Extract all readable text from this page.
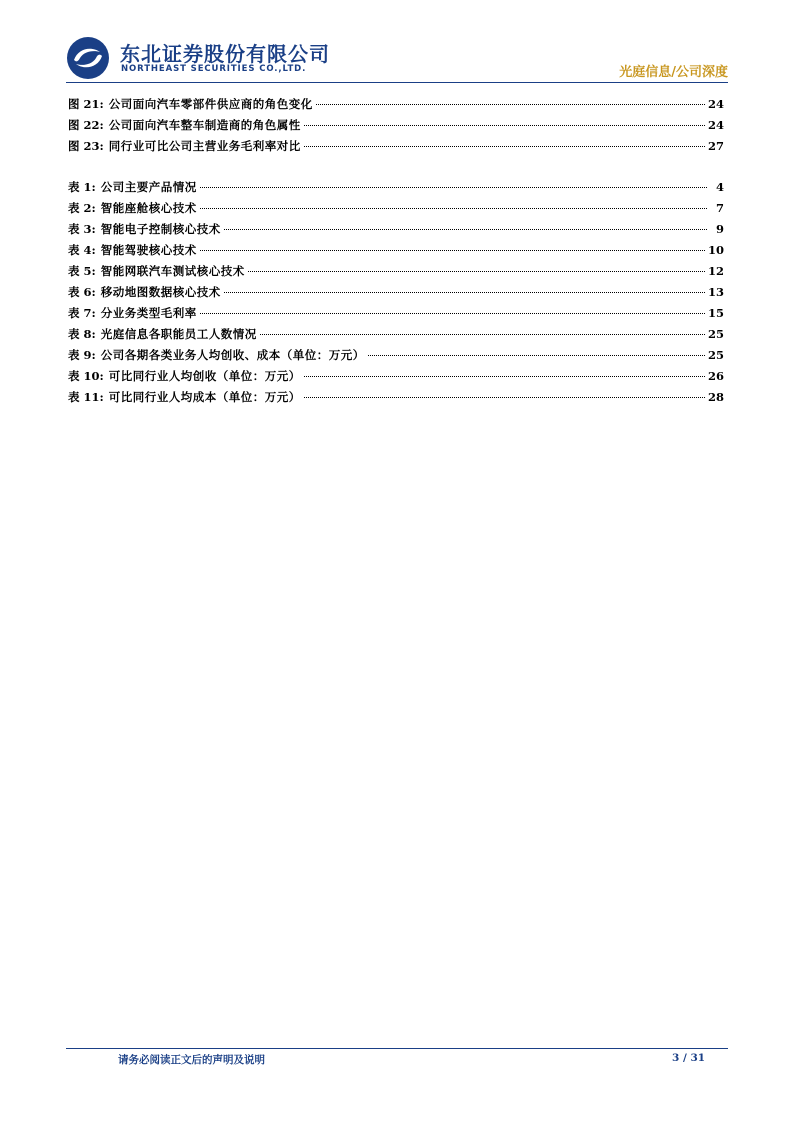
东北证券股份有限公司
NORTHEAST SECURITIES CO.,LTD.	光庭信息/公司深度
图 21: 公司面向汽车零部件供应商的角色变化	24
图 22: 公司面向汽车整车制造商的角色属性	24
图 23: 同行业可比公司主营业务毛利率对比	27
表 1: 公司主要产品情况	4
表 2: 智能座舱核心技术	7
表 3: 智能电子控制核心技术	9
表 4: 智能驾驶核心技术	10
表 5: 智能网联汽车测试核心技术	12
表 6: 移动地图数据核心技术	13
表 7: 分业务类型毛利率	15
表 8: 光庭信息各职能员工人数情况	25
表 9: 公司各期各类业务人均创收、成本（单位：万元）	25
表 10: 可比同行业人均创收（单位：万元）	26
表 11: 可比同行业人均成本（单位：万元）	28
请务必阅读正文后的声明及说明	3 / 31
